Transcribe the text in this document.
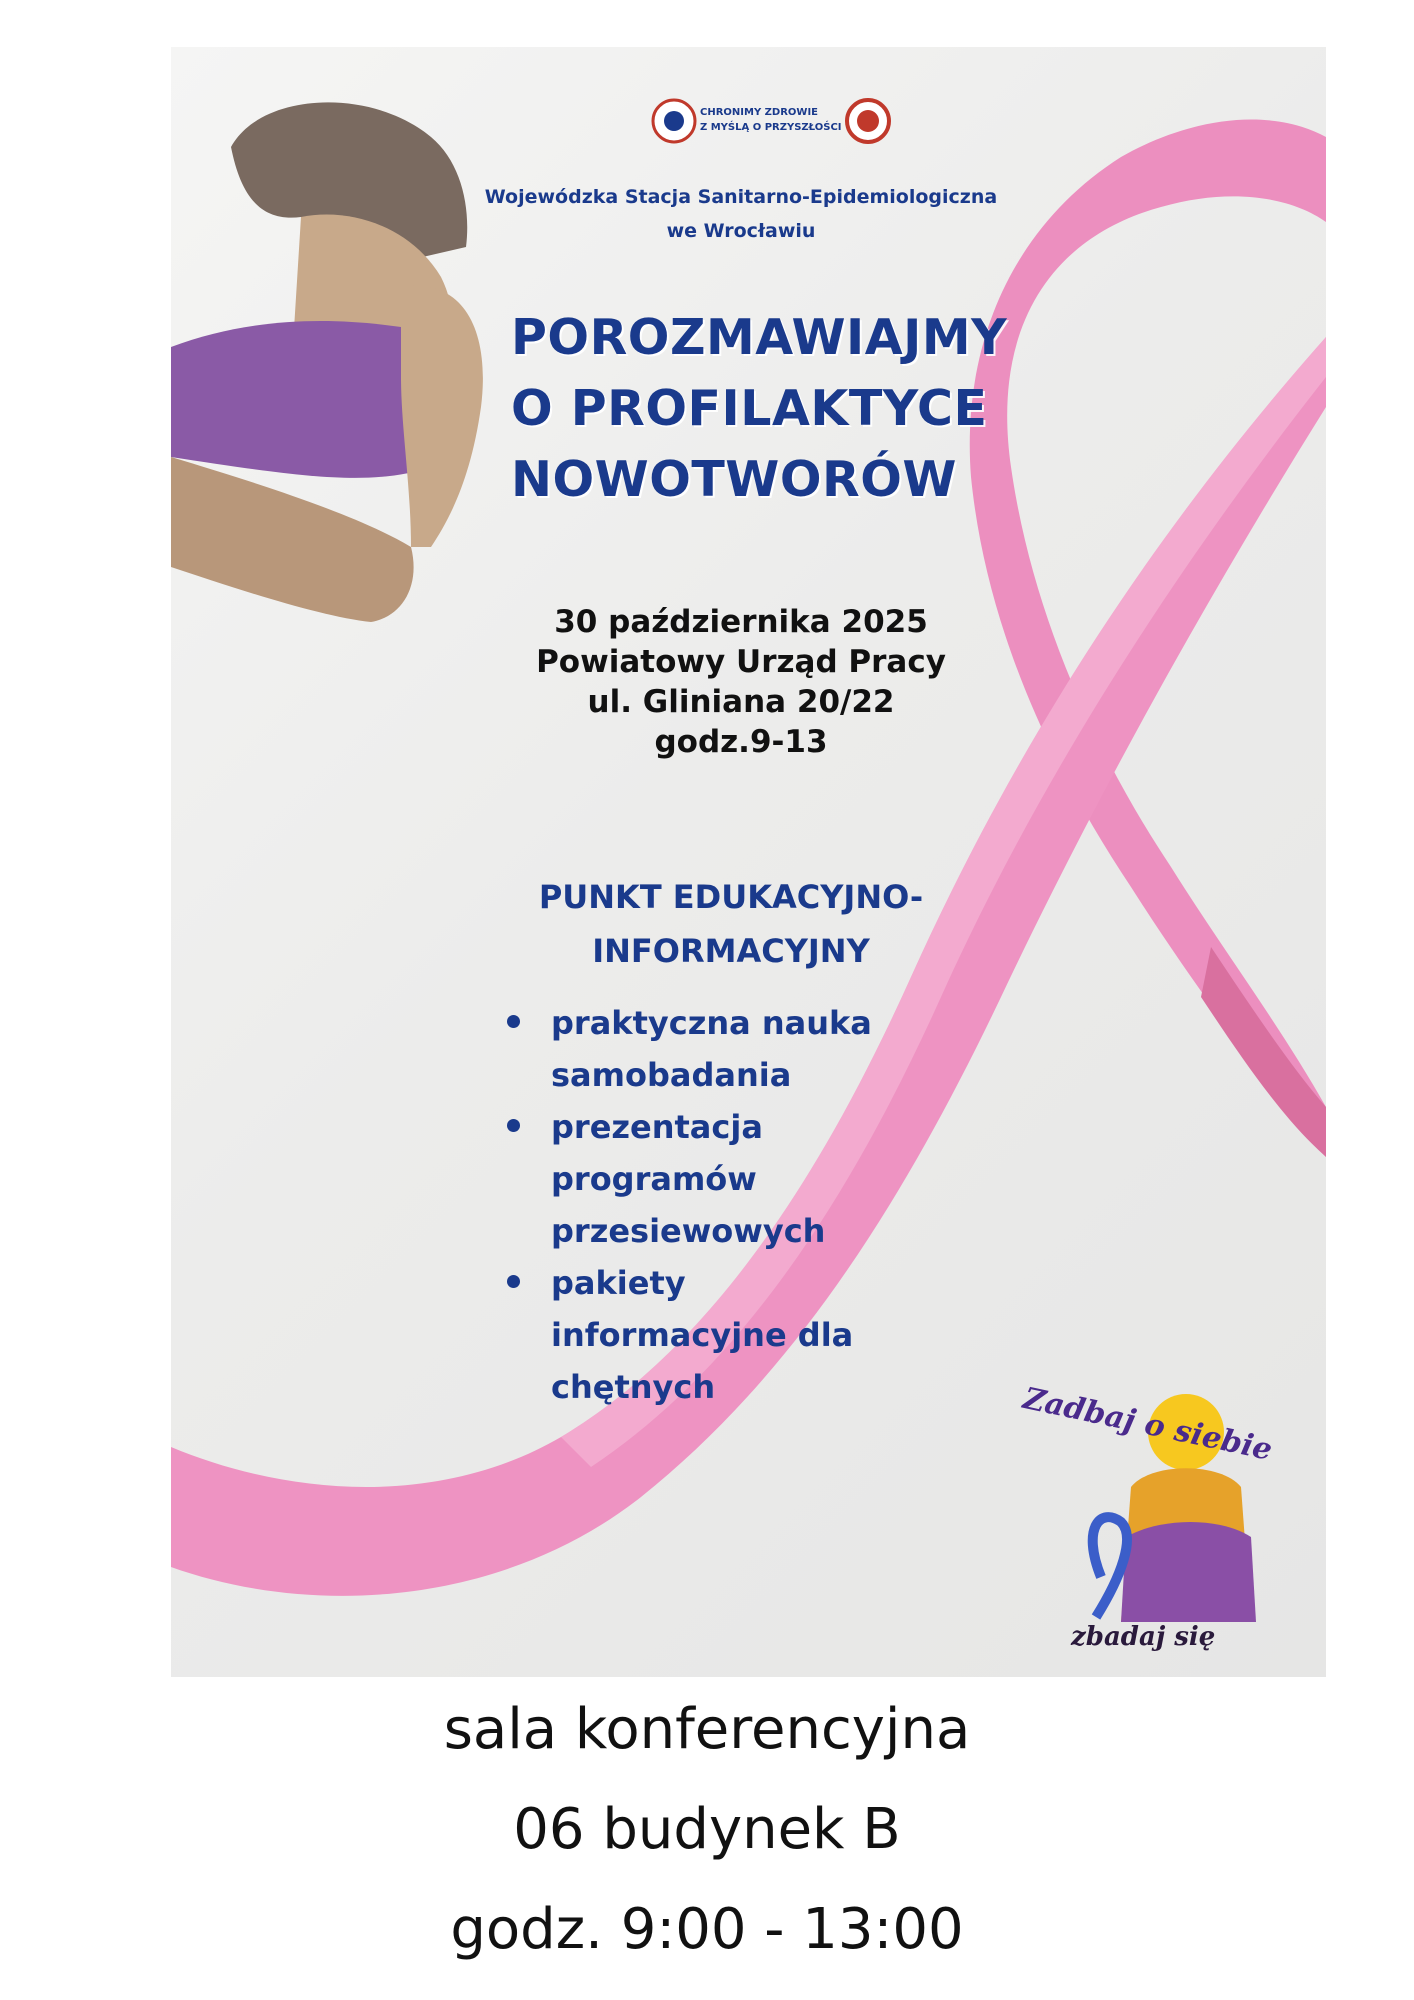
CHRONIMY ZDROWIE
Z MYŚLĄ O PRZYSZŁOŚCI
Wojewódzka Stacja Sanitarno-Epidemiologiczna
we Wrocławiu
POROZMAWIAJMY
O PROFILAKTYCE
NOWOTWORÓW
30 października 2025
Powiatowy Urząd Pracy
ul. Gliniana 20/22
godz.9-13
PUNKT EDUKACYJNO-
INFORMACYJNY
praktyczna nauka samobadania
prezentacja programów przesiewowych
pakiety informacyjne dla chętnych	Zadbaj o siebie
zbadaj się
sala konferencyjna
06 budynek B
godz. 9:00 - 13:00
